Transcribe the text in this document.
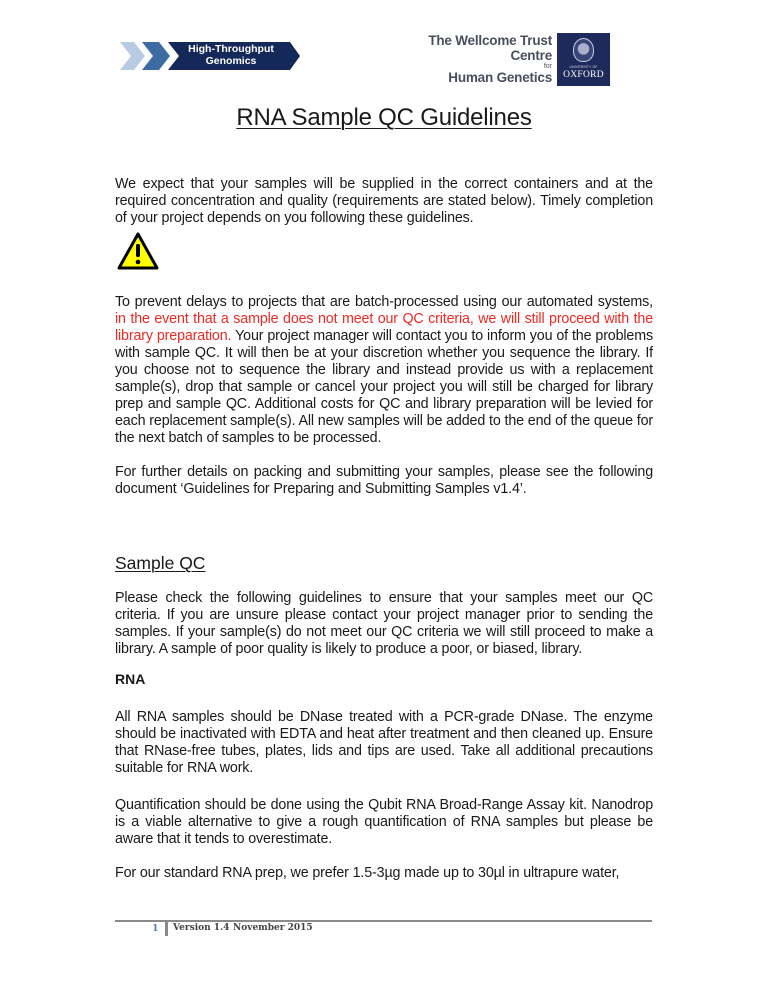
High-Throughput
Genomics
The Wellcome Trust Centre
for
Human Genetics
UNIVERSITY OF
OXFORD
RNA Sample QC Guidelines
We expect that your samples will be supplied in the correct containers and at the required concentration and quality (requirements are stated below). Timely completion of your project depends on you following these guidelines.
To prevent delays to projects that are batch-processed using our automated systems, in the event that a sample does not meet our QC criteria, we will still proceed with the library preparation. Your project manager will contact you to inform you of the problems with sample QC. It will then be at your discretion whether you sequence the library. If you choose not to sequence the library and instead provide us with a replacement sample(s), drop that sample or cancel your project you will still be charged for library prep and sample QC. Additional costs for QC and library preparation will be levied for each replacement sample(s). All new samples will be added to the end of the queue for the next batch of samples to be processed.
For further details on packing and submitting your samples, please see the following document ‘Guidelines for Preparing and Submitting Samples v1.4’.
Sample QC
Please check the following guidelines to ensure that your samples meet our QC criteria. If you are unsure please contact your project manager prior to sending the samples. If your sample(s) do not meet our QC criteria we will still proceed to make a library. A sample of poor quality is likely to produce a poor, or biased, library.
RNA
All RNA samples should be DNase treated with a PCR-grade DNase. The enzyme should be inactivated with EDTA and heat after treatment and then cleaned up. Ensure that RNase-free tubes, plates, lids and tips are used. Take all additional precautions suitable for RNA work.
Quantification should be done using the Qubit RNA Broad-Range Assay kit. Nanodrop is a viable alternative to give a rough quantification of RNA samples but please be aware that it tends to overestimate.
For our standard RNA prep, we prefer 1.5-3µg made up to 30µl in ultrapure water,
1 Version 1.4 November 2015
